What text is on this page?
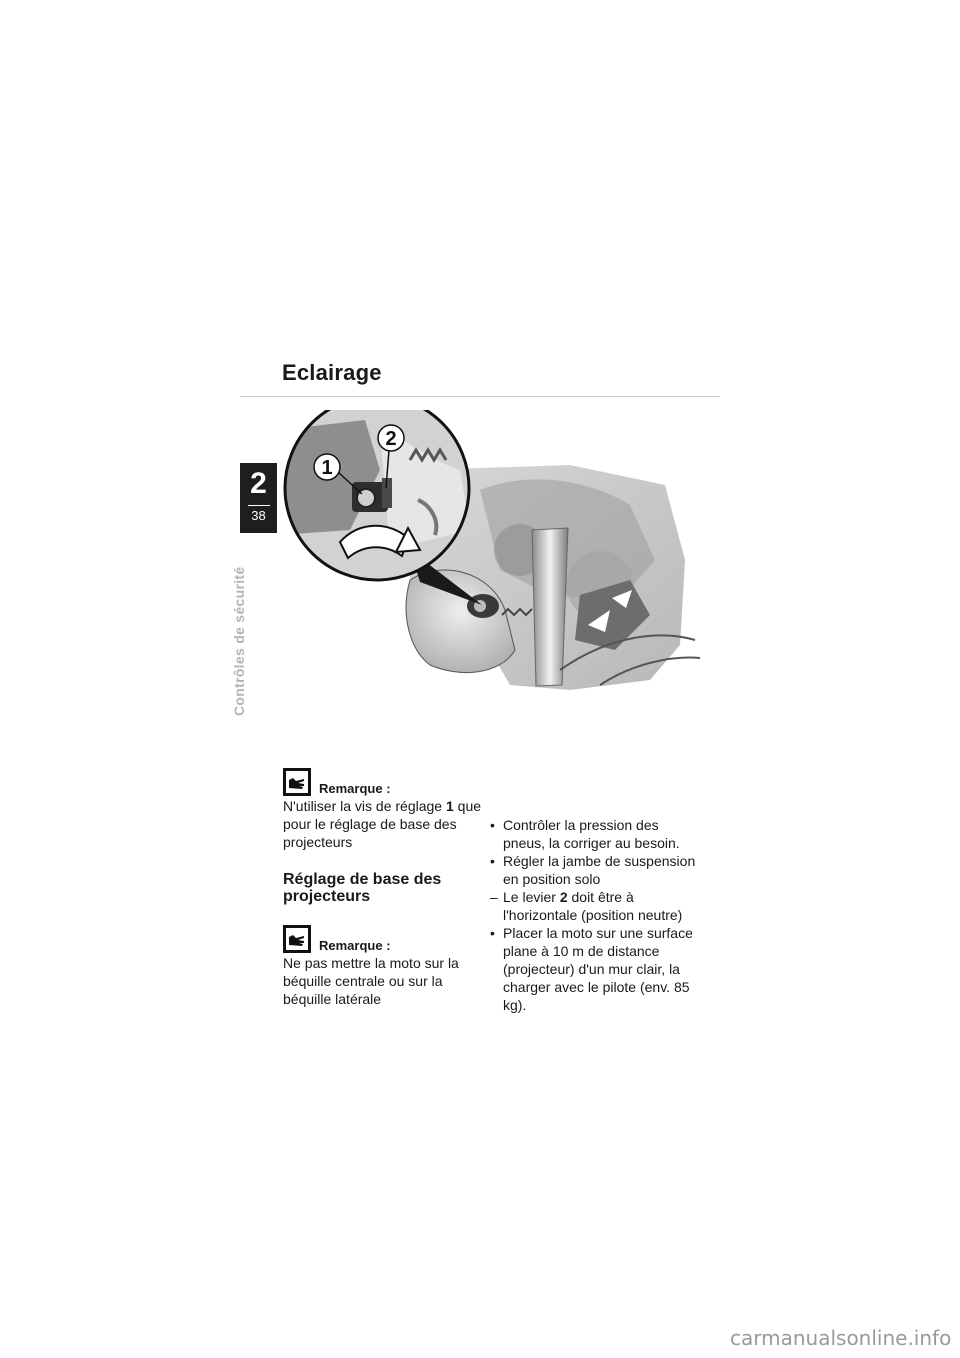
Eclairage
2
38
Contrôles de sécurité
1
2
Remarque :

N'utiliser la vis de réglage 1 que pour le réglage de base des projecteurs

Réglage de base des projecteurs
Remarque :

Ne pas mettre la moto sur la béquille centrale ou sur la béquille latérale

• Contrôler la pression des pneus, la corriger au besoin.
• Régler la jambe de suspension en position solo
– Le levier 2 doit être à l'horizontale (position neutre)
• Placer la moto sur une surface plane à 10 m de distance (projecteur) d'un mur clair, la charger avec le pilote (env. 85 kg).
carmanualsonline.info
